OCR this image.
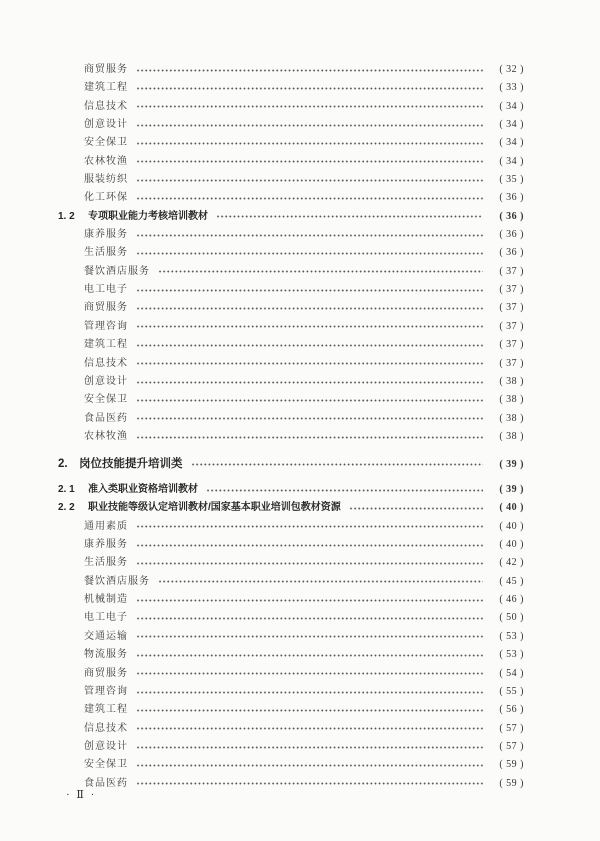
商贸服务	( 32 )
建筑工程	( 33 )
信息技术	( 34 )
创意设计	( 34 )
安全保卫	( 34 )
农林牧渔	( 34 )
服装纺织	( 35 )
化工环保	( 36 )
1. 2	专项职业能力考核培训教材	( 36 )
康养服务	( 36 )
生活服务	( 36 )
餐饮酒店服务	( 37 )
电工电子	( 37 )
商贸服务	( 37 )
管理咨询	( 37 )
建筑工程	( 37 )
信息技术	( 37 )
创意设计	( 38 )
安全保卫	( 38 )
食品医药	( 38 )
农林牧渔	( 38 )
2. 岗位技能提升培训类	( 39 )
2. 1	准入类职业资格培训教材	( 39 )
2. 2	职业技能等级认定培训教材/国家基本职业培训包教材资源	( 40 )
通用素质	( 40 )
康养服务	( 40 )
生活服务	( 42 )
餐饮酒店服务	( 45 )
机械制造	( 46 )
电工电子	( 50 )
交通运输	( 53 )
物流服务	( 53 )
商贸服务	( 54 )
管理咨询	( 55 )
建筑工程	( 56 )
信息技术	( 57 )
创意设计	( 57 )
安全保卫	( 59 )
食品医药	( 59 )
· Ⅱ ·
